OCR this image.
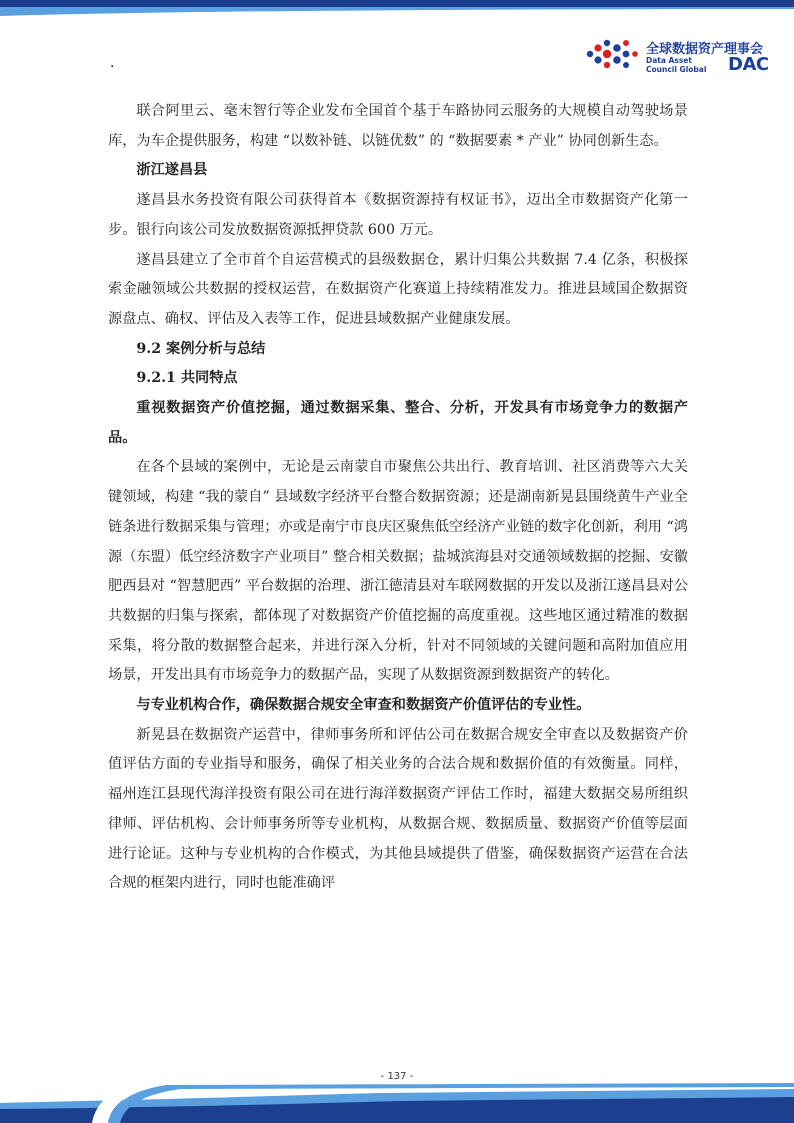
·
全球数据资产理事会
Data Asset
Council Global DAC

联合阿里云、毫末智行等企业发布全国首个基于车路协同云服务的大规模自动驾驶场景库，为车企提供服务，构建 “以数补链、以链优数” 的 “数据要素 * 产业” 协同创新生态。

浙江遂昌县

遂昌县水务投资有限公司获得首本《数据资源持有权证书》，迈出全市数据资产化第一步。银行向该公司发放数据资源抵押贷款 600 万元。

遂昌县建立了全市首个自运营模式的县级数据仓，累计归集公共数据 7.4 亿条，积极探索金融领域公共数据的授权运营，在数据资产化赛道上持续精准发力。推进县域国企数据资源盘点、确权、评估及入表等工作，促进县域数据产业健康发展。

9.2 案例分析与总结

9.2.1 共同特点

重视数据资产价值挖掘，通过数据采集、整合、分析，开发具有市场竞争力的数据产品。

在各个县域的案例中，无论是云南蒙自市聚焦公共出行、教育培训、社区消费等六大关键领域，构建 “我的蒙自” 县域数字经济平台整合数据资源；还是湖南新晃县围绕黄牛产业全链条进行数据采集与管理；亦或是南宁市良庆区聚焦低空经济产业链的数字化创新，利用 “鸿源（东盟）低空经济数字产业项目” 整合相关数据；盐城滨海县对交通领域数据的挖掘、安徽肥西县对 “智慧肥西” 平台数据的治理、浙江德清县对车联网数据的开发以及浙江遂昌县对公共数据的归集与探索，都体现了对数据资产价值挖掘的高度重视。这些地区通过精准的数据采集，将分散的数据整合起来，并进行深入分析，针对不同领域的关键问题和高附加值应用场景，开发出具有市场竞争力的数据产品，实现了从数据资源到数据资产的转化。

与专业机构合作，确保数据合规安全审查和数据资产价值评估的专业性。

新晃县在数据资产运营中，律师事务所和评估公司在数据合规安全审查以及数据资产价值评估方面的专业指导和服务，确保了相关业务的合法合规和数据价值的有效衡量。同样，福州连江县现代海洋投资有限公司在进行海洋数据资产评估工作时，福建大数据交易所组织律师、评估机构、会计师事务所等专业机构，从数据合规、数据质量、数据资产价值等层面进行论证。这种与专业机构的合作模式，为其他县域提供了借鉴，确保数据资产运营在合法合规的框架内进行，同时也能准确评

- 137 -
